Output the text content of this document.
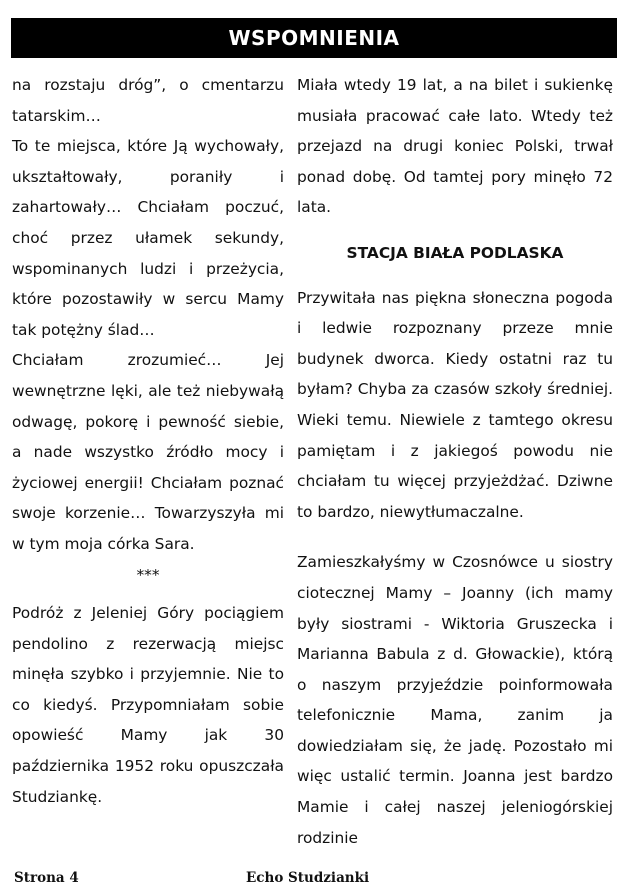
WSPOMNIENIA

na rozstaju dróg”, o cmentarzu tatarskim…

To te miejsca, które Ją wychowały, ukształtowały, poraniły i zahartowały… Chciałam poczuć, choć przez ułamek sekundy, wspominanych ludzi i przeżycia, które pozostawiły w sercu Mamy tak potężny ślad…

Chciałam zrozumieć… Jej wewnętrzne lęki, ale też niebywałą odwagę, pokorę i pewność siebie, a nade wszystko źródło mocy i życiowej energii! Chciałam poznać swoje korzenie… Towarzyszyła mi w tym moja córka Sara.

***

Podróż z Jeleniej Góry pociągiem pendolino z rezerwacją miejsc minęła szybko i przyjemnie. Nie to co kiedyś. Przypomniałam sobie opowieść Mamy jak 30 października 1952 roku opuszczała Studziankę.

Miała wtedy 19 lat, a na bilet i sukienkę musiała pracować całe lato. Wtedy też przejazd na drugi koniec Polski, trwał ponad dobę. Od tamtej pory minęło 72 lata.

STACJA BIAŁA PODLASKA

Przywitała nas piękna słoneczna pogoda i ledwie rozpoznany przeze mnie budynek dworca. Kiedy ostatni raz tu byłam? Chyba za czasów szkoły średniej. Wieki temu. Niewiele z tamtego okresu pamiętam i z jakiegoś powodu nie chciałam tu więcej przyjeżdżać. Dziwne to bardzo, niewytłumaczalne.

Zamieszkałyśmy w Czosnówce u siostry ciotecznej Mamy – Joanny (ich mamy były siostrami - Wiktoria Gruszecka i Marianna Babula z d. Głowackie), którą o naszym przyjeździe poinformowała telefonicznie Mama, zanim ja dowiedziałam się, że jadę. Pozostało mi więc ustalić termin. Joanna jest bardzo Mamie i całej naszej jeleniogórskiej rodzinie

Strona 4	Echo Studzianki
